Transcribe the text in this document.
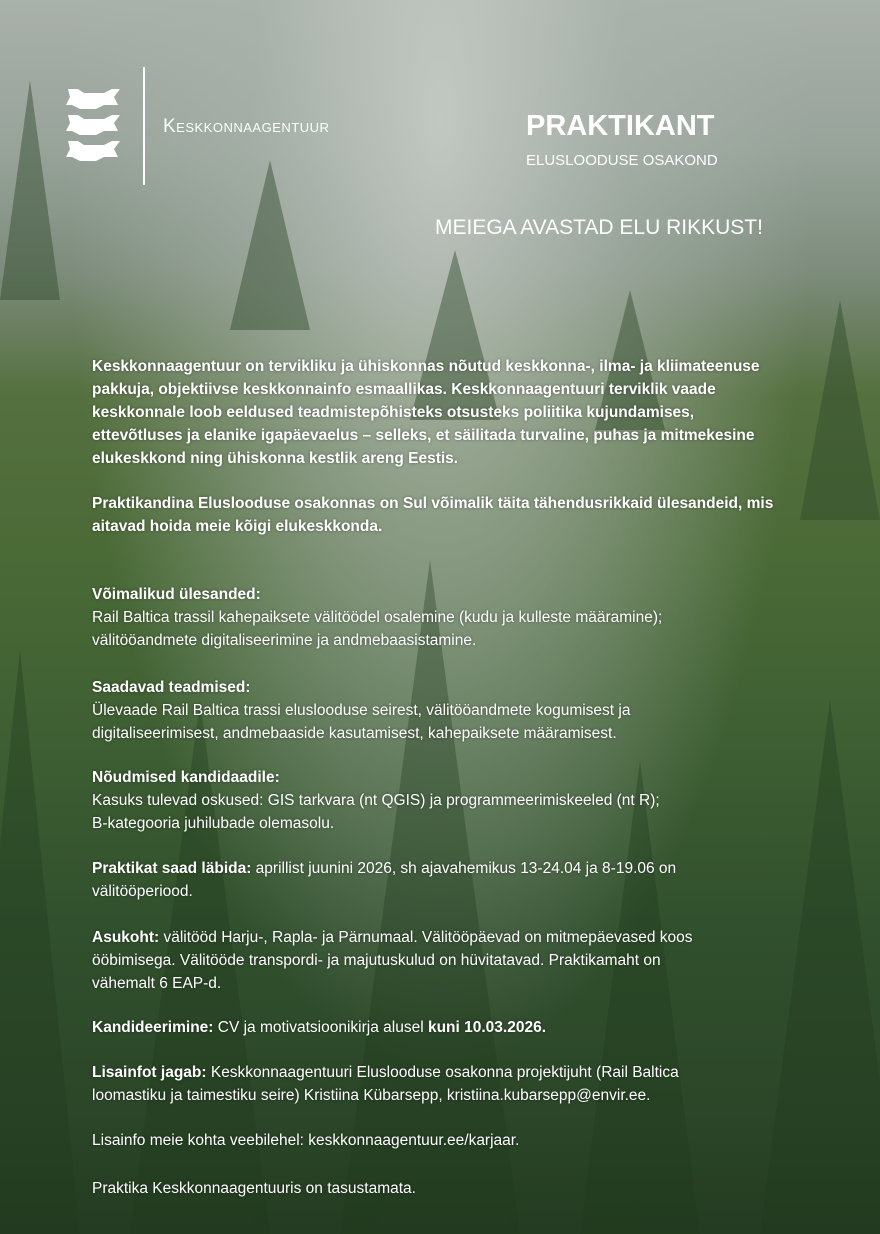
Keskkonnaagentuur	PRAKTIKANT
ELUSLOODUSE OSAKOND
MEIEGA AVASTAD ELU RIKKUST!
Keskkonnaagentuur on tervikliku ja ühiskonnas nõutud keskkonna-, ilma- ja kliimateenuse
pakkuja, objektiivse keskkonnainfo esmaallikas. Keskkonnaagentuuri terviklik vaade
keskkonnale loob eeldused teadmistepõhisteks otsusteks poliitika kujundamises,
ettevõtluses ja elanike igapäevaelus – selleks, et säilitada turvaline, puhas ja mitmekesine
elukeskkond ning ühiskonna kestlik areng Eestis.
Praktikandina Elusloodusе osakonnas on Sul võimalik täita tähendusrikkaid ülesandeid, mis
aitavad hoida meie kõigi elukeskkonda.
Võimalikud ülesanded:
Rail Baltica trassil kahepaiksete välitöödel osalemine (kudu ja kulleste määramine);
välitööandmete digitaliseerimine ja andmebaasistamine.
Saadavad teadmised:
Ülevaade Rail Baltica trassi elusloodusе seirest, välitööandmete kogumisest ja
digitaliseerimisest, andmebaaside kasutamisest, kahepaiksete määramisest.
Nõudmised kandidaadile:
Kasuks tulevad oskused: GIS tarkvara (nt QGIS) ja programmeerimiskeeled (nt R);
B-kategooria juhilubade olemasolu.
Praktikat saad läbida: aprillist juunini 2026, sh ajavahemikus 13-24.04 ja 8-19.06 on
välitööperiood.
Asukoht: välitööd Harju-, Rapla- ja Pärnumaal. Välitööpäevad on mitmepäevased koos
ööbimisega. Välitööde transpordi- ja majutuskulud on hüvitatavad. Praktikamaht on
vähemalt 6 EAP-d.
Kandideerimine: CV ja motivatsioonikirja alusel kuni 10.03.2026.
Lisainfot jagab: Keskkonnaagentuuri Elusloodusе osakonna projektijuht (Rail Baltica
loomastiku ja taimestiku seire) Kristiina Kübarsepp, kristiina.kubarsepp@envir.ee.
Lisainfo meie kohta veebilehel: keskkonnaagentuur.ee/karjaar.
Praktika Keskkonnaagentuuris on tasustamata.
